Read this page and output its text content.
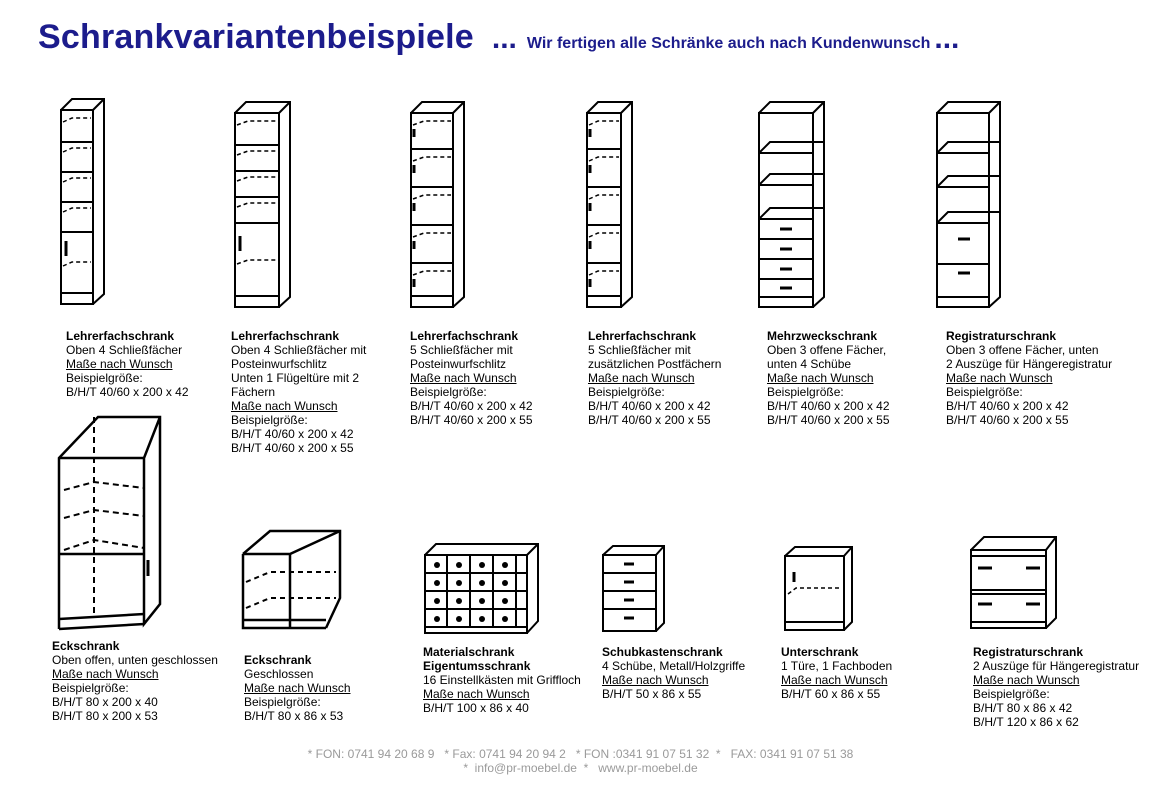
Schrankvariantenbeispiele ... Wir fertigen alle Schränke auch nach Kundenwunsch ...
Lehrerfachschrank
Oben 4 Schließfächer
Maße nach Wunsch
Beispielgröße:
B/H/T 40/60 x 200 x 42
Lehrerfachschrank
Oben 4 Schließfächer mit
Posteinwurfschlitz
Unten 1 Flügeltüre mit 2
Fächern
Maße nach Wunsch
Beispielgröße:
B/H/T 40/60 x 200 x 42
B/H/T 40/60 x 200 x 55
Lehrerfachschrank
5 Schließfächer mit
Posteinwurfschlitz
Maße nach Wunsch
Beispielgröße:
B/H/T 40/60 x 200 x 42
B/H/T 40/60 x 200 x 55
Lehrerfachschrank
5 Schließfächer mit
zusätzlichen Postfächern
Maße nach Wunsch
Beispielgröße:
B/H/T 40/60 x 200 x 42
B/H/T 40/60 x 200 x 55
Mehrzweckschrank
Oben 3 offene Fächer,
unten 4 Schübe
Maße nach Wunsch
Beispielgröße:
B/H/T 40/60 x 200 x 42
B/H/T 40/60 x 200 x 55
Registraturschrank
Oben 3 offene Fächer, unten
2 Auszüge für Hängeregistratur
Maße nach Wunsch
Beispielgröße:
B/H/T 40/60 x 200 x 42
B/H/T 40/60 x 200 x 55
Eckschrank
Oben offen, unten geschlossen
Maße nach Wunsch
Beispielgröße:
B/H/T 80 x 200 x 40
B/H/T 80 x 200 x 53
Eckschrank
Geschlossen
Maße nach Wunsch
Beispielgröße:
B/H/T 80 x 86 x 53
Materialschrank
Eigentumsschrank
16 Einstellkästen mit Griffloch
Maße nach Wunsch
B/H/T 100 x 86 x 40
Schubkastenschrank
4 Schübe, Metall/Holzgriffe
Maße nach Wunsch
B/H/T 50 x 86 x 55
Unterschrank
1 Türe, 1 Fachboden
Maße nach Wunsch
B/H/T 60 x 86 x 55
Registraturschrank
2 Auszüge für Hängeregistratur
Maße nach Wunsch
Beispielgröße:
B/H/T 80 x 86 x 42
B/H/T 120 x 86 x 62
* FON: 0741 94 20 68 9   * Fax: 0741 94 20 94 2   * FON :0341 91 07 51 32  *   FAX: 0341 91 07 51 38
*  info@pr-moebel.de  *   www.pr-moebel.de
